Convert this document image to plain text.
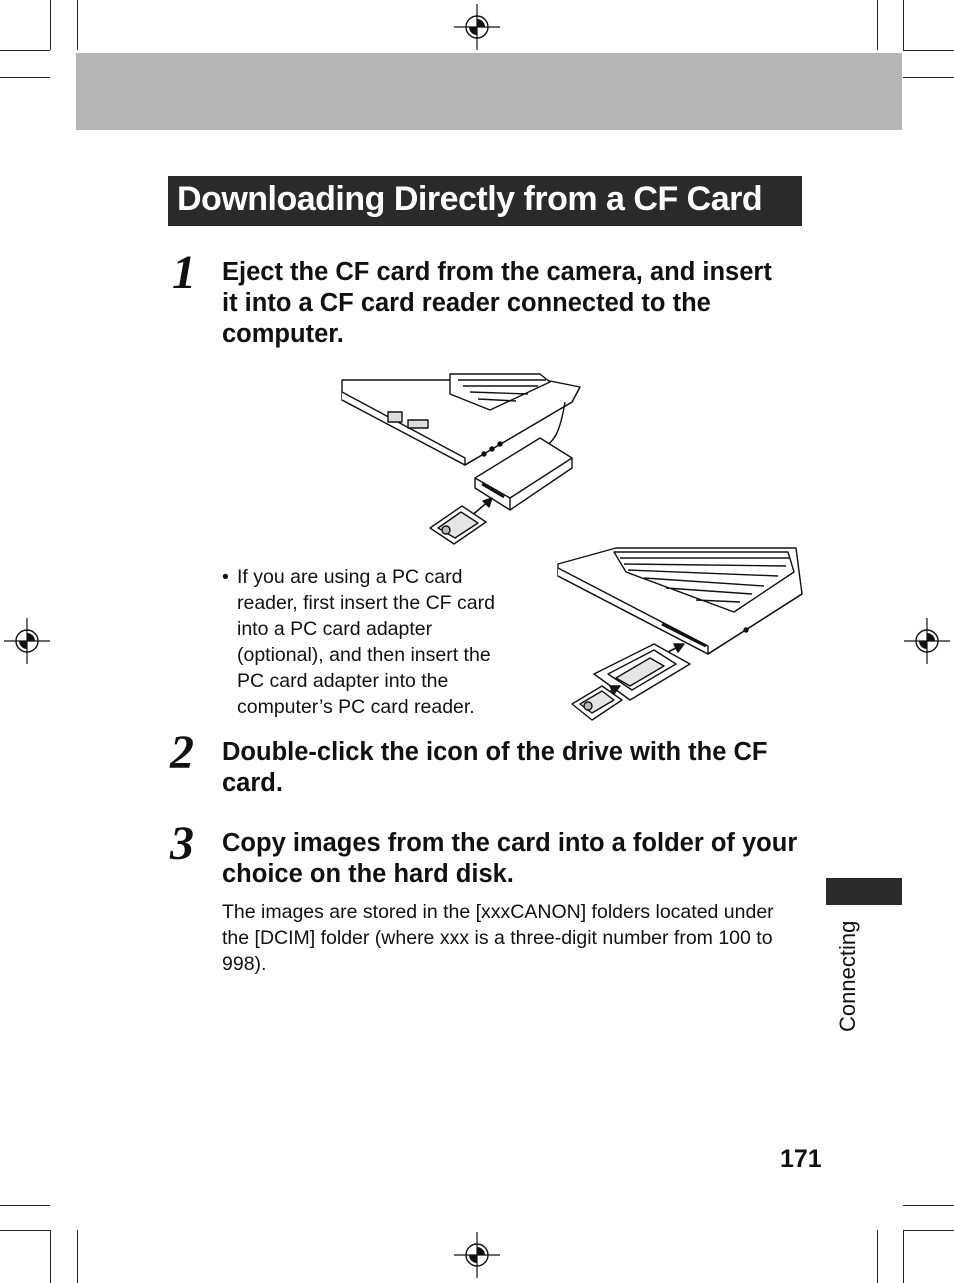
Downloading Directly from a CF Card
1 Eject the CF card from the camera, and insert it into a CF card reader connected to the computer.
• If you are using a PC card reader, first insert the CF card into a PC card adapter (optional), and then insert the PC card adapter into the computer’s PC card reader.
2 Double-click the icon of the drive with the CF card.
3 Copy images from the card into a folder of your choice on the hard disk.
The images are stored in the [xxxCANON] folders located under the [DCIM] folder (where xxx is a three-digit number from 100 to 998).	Connecting
171
